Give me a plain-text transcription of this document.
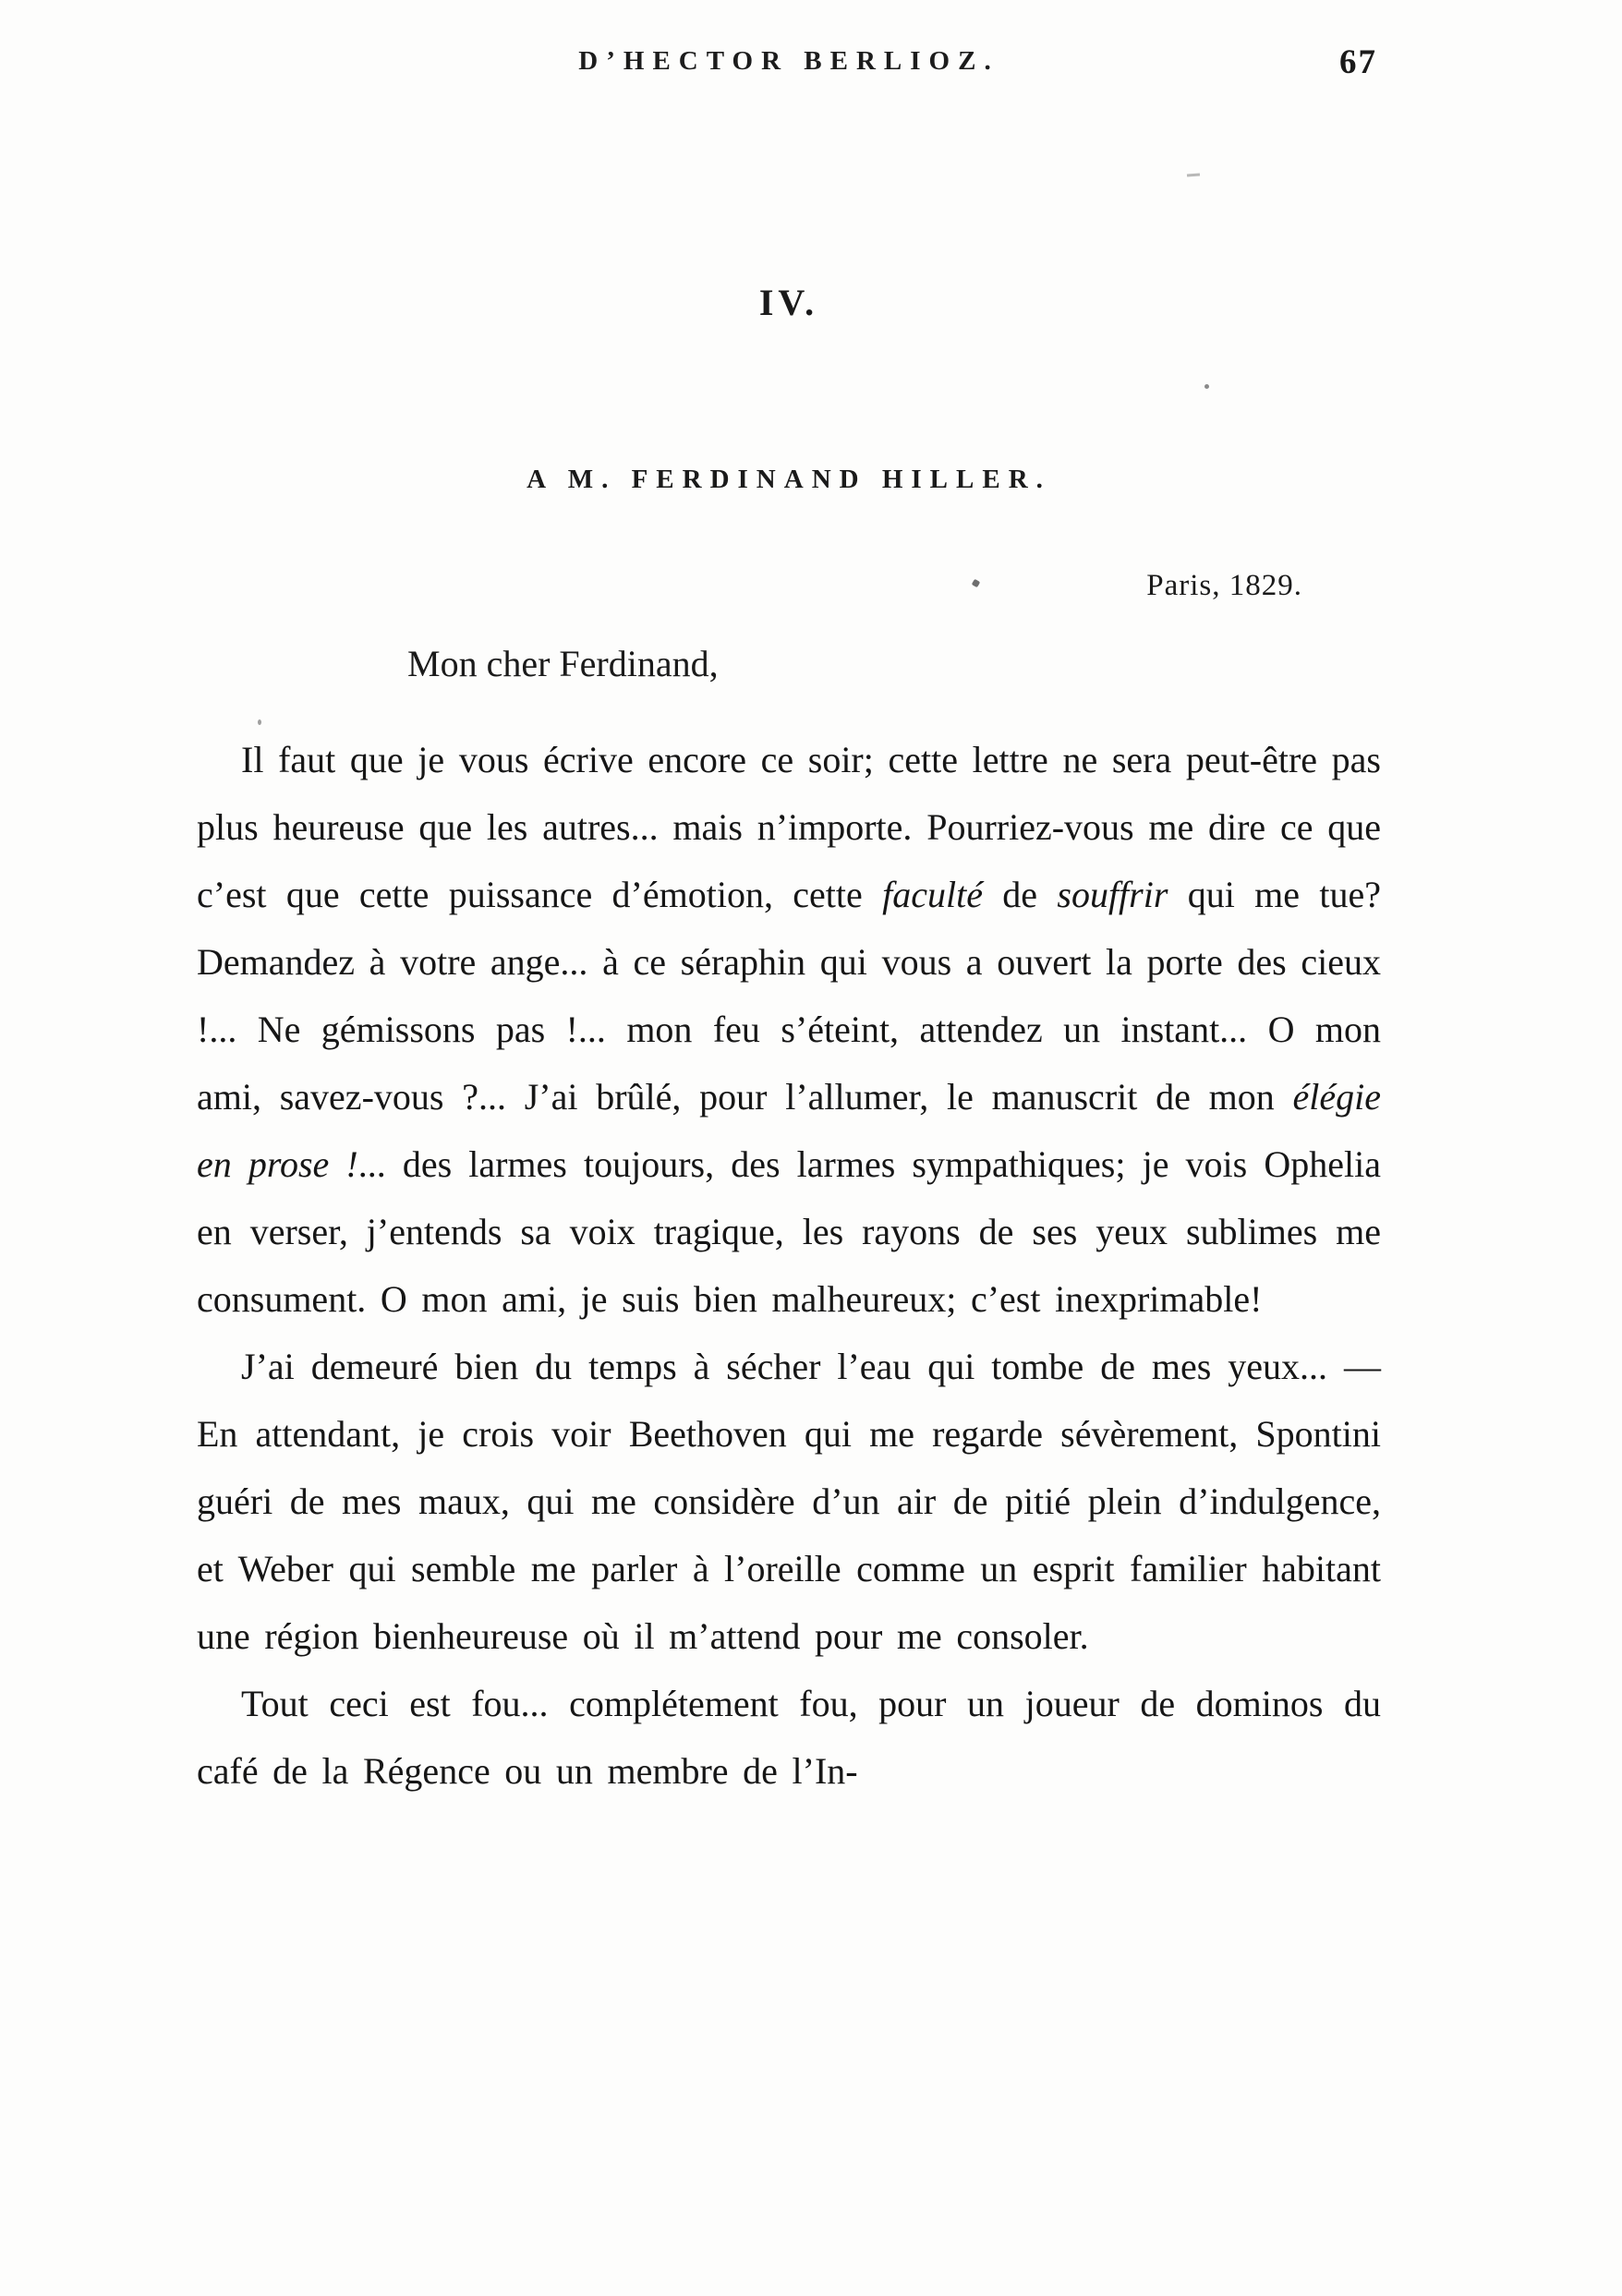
D’HECTOR BERLIOZ.	67
IV.
A M. FERDINAND HILLER.
Paris, 1829.
Mon cher Ferdinand,

Il faut que je vous écrive encore ce soir; cette lettre ne sera peut-être pas plus heureuse que les autres... mais n’importe. Pourriez-vous me dire ce que c’est que cette puissance d’émotion, cette faculté de souffrir qui me tue? Demandez à votre ange... à ce séraphin qui vous a ouvert la porte des cieux !... Ne gémissons pas !... mon feu s’éteint, attendez un instant... O mon ami, savez-vous ?... J’ai brûlé, pour l’allumer, le manuscrit de mon élégie en prose !... des larmes toujours, des larmes sympathiques; je vois Ophelia en verser, j’entends sa voix tragique, les rayons de ses yeux sublimes me consument. O mon ami, je suis bien malheureux; c’est inexprimable!

J’ai demeuré bien du temps à sécher l’eau qui tombe de mes yeux... — En attendant, je crois voir Beethoven qui me regarde sévèrement, Spontini guéri de mes maux, qui me considère d’un air de pitié plein d’indulgence, et Weber qui semble me parler à l’oreille comme un esprit familier habitant une région bienheureuse où il m’attend pour me consoler.

Tout ceci est fou... complétement fou, pour un joueur de dominos du café de la Régence ou un membre de l’In-
